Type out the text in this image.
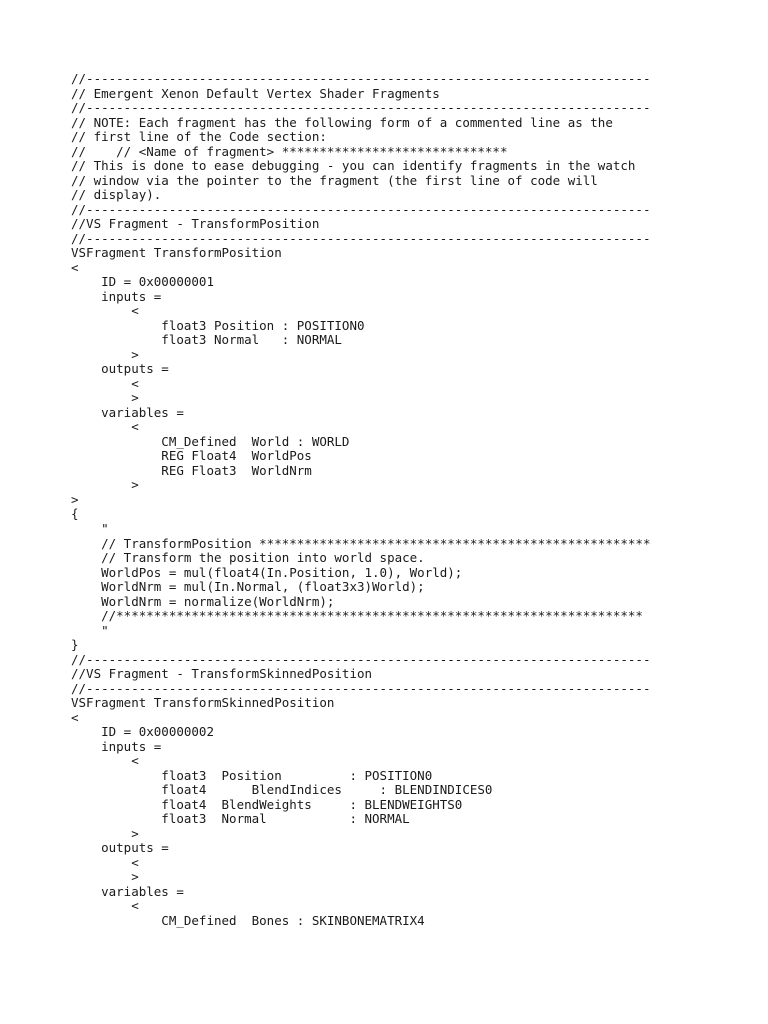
//---------------------------------------------------------------------------
// Emergent Xenon Default Vertex Shader Fragments
//---------------------------------------------------------------------------
// NOTE: Each fragment has the following form of a commented line as the
// first line of the Code section:
//    // <Name of fragment> ******************************
// This is done to ease debugging - you can identify fragments in the watch
// window via the pointer to the fragment (the first line of code will
// display).
//---------------------------------------------------------------------------
//VS Fragment - TransformPosition
//---------------------------------------------------------------------------
VSFragment TransformPosition
<
ID = 0x00000001
inputs =
<
float3 Position : POSITION0
float3 Normal   : NORMAL
>
outputs =
<
>
variables =
<
CM_Defined  World : WORLD
REG Float4  WorldPos
REG Float3  WorldNrm
>
>
{
"
// TransformPosition ****************************************************
// Transform the position into world space.
WorldPos = mul(float4(In.Position, 1.0), World);
WorldNrm = mul(In.Normal, (float3x3)World);
WorldNrm = normalize(WorldNrm);
//**********************************************************************
"
}
//---------------------------------------------------------------------------
//VS Fragment - TransformSkinnedPosition
//---------------------------------------------------------------------------
VSFragment TransformSkinnedPosition
<
ID = 0x00000002
inputs =
<
float3  Position         : POSITION0
float4      BlendIndices     : BLENDINDICES0
float4  BlendWeights     : BLENDWEIGHTS0
float3  Normal           : NORMAL
>
outputs =
<
>
variables =
<
CM_Defined  Bones : SKINBONEMATRIX4
